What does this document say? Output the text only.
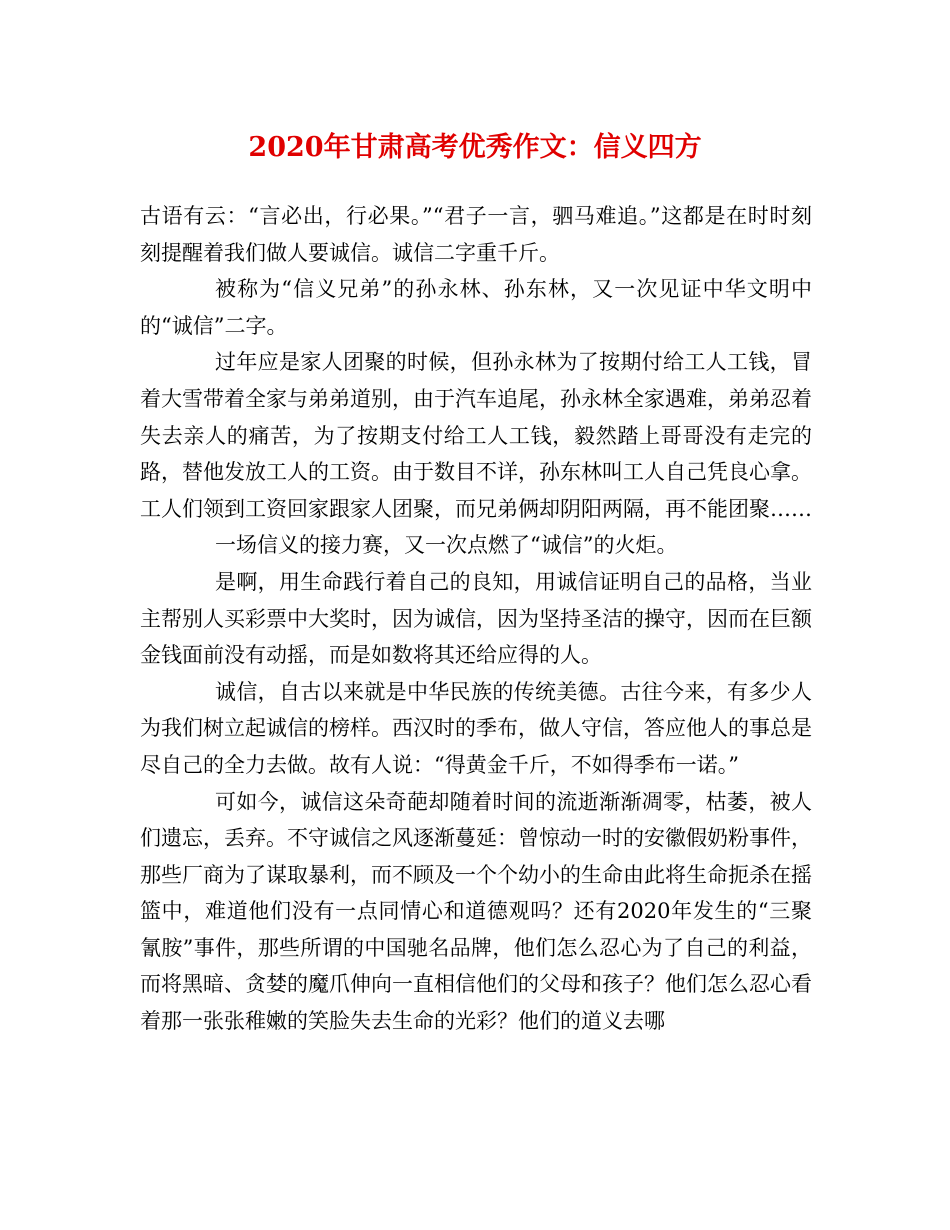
2020年甘肃高考优秀作文：信义四方

古语有云：“言必出，行必果。”“君子一言，驷马难追。”这都是在时时刻刻提醒着我们做人要诚信。诚信二字重千斤。

被称为“信义兄弟”的孙永林、孙东林，又一次见证中华文明中的“诚信”二字。

过年应是家人团聚的时候，但孙永林为了按期付给工人工钱，冒着大雪带着全家与弟弟道别，由于汽车追尾，孙永林全家遇难，弟弟忍着失去亲人的痛苦，为了按期支付给工人工钱，毅然踏上哥哥没有走完的路，替他发放工人的工资。由于数目不详，孙东林叫工人自己凭良心拿。工人们领到工资回家跟家人团聚，而兄弟俩却阴阳两隔，再不能团聚……

一场信义的接力赛，又一次点燃了“诚信”的火炬。

是啊，用生命践行着自己的良知，用诚信证明自己的品格，当业主帮别人买彩票中大奖时，因为诚信，因为坚持圣洁的操守，因而在巨额金钱面前没有动摇，而是如数将其还给应得的人。

诚信，自古以来就是中华民族的传统美德。古往今来，有多少人为我们树立起诚信的榜样。西汉时的季布，做人守信，答应他人的事总是尽自己的全力去做。故有人说：“得黄金千斤，不如得季布一诺。”

可如今，诚信这朵奇葩却随着时间的流逝渐渐凋零，枯萎，被人们遗忘，丢弃。不守诚信之风逐渐蔓延：曾惊动一时的安徽假奶粉事件，那些厂商为了谋取暴利，而不顾及一个个幼小的生命由此将生命扼杀在摇篮中，难道他们没有一点同情心和道德观吗？还有2020年发生的“三聚氰胺”事件，那些所谓的中国驰名品牌，他们怎么忍心为了自己的利益，而将黑暗、贪婪的魔爪伸向一直相信他们的父母和孩子？他们怎么忍心看着那一张张稚嫩的笑脸失去生命的光彩？他们的道义去哪
